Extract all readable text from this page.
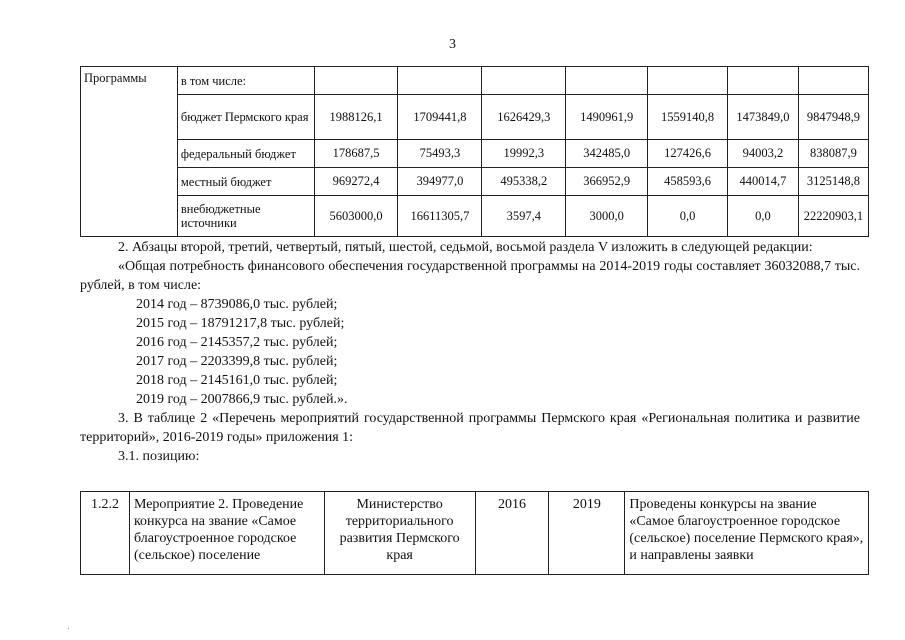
3
Программы	в том числе:							
	бюджет Пермского края	1988126,1	1709441,8	1626429,3	1490961,9	1559140,8	1473849,0	9847948,9
	федеральный бюджет	178687,5	75493,3	19992,3	342485,0	127426,6	94003,2	838087,9
	местный бюджет	969272,4	394977,0	495338,2	366952,9	458593,6	440014,7	3125148,8
	внебюджетные источники	5603000,0	16611305,7	3597,4	3000,0	0,0	0,0	22220903,1

2. Абзацы второй, третий, четвертый, пятый, шестой, седьмой, восьмой раздела V изложить в следующей редакции:

«Общая потребность финансового обеспечения государственной программы на 2014-2019 годы составляет 36032088,7 тыс. рублей, в том числе:

2014 год – 8739086,0 тыс. рублей;

2015 год – 18791217,8 тыс. рублей;

2016 год – 2145357,2 тыс. рублей;

2017 год – 2203399,8 тыс. рублей;

2018 год – 2145161,0 тыс. рублей;

2019 год – 2007866,9 тыс. рублей.».

3. В таблице 2 «Перечень мероприятий государственной программы Пермского края «Региональная политика и развитие территорий», 2016-2019 годы» приложения 1:

3.1. позицию:

1.2.2	Мероприятие 2. Проведение конкурса на звание «Самое благоустроенное городское (сельское) поселение	Министерство территориального развития Пермского края	2016	2019	Проведены конкурсы на звание «Самое благоустроенное городское (сельское) поселение Пермского края», и направлены заявки
